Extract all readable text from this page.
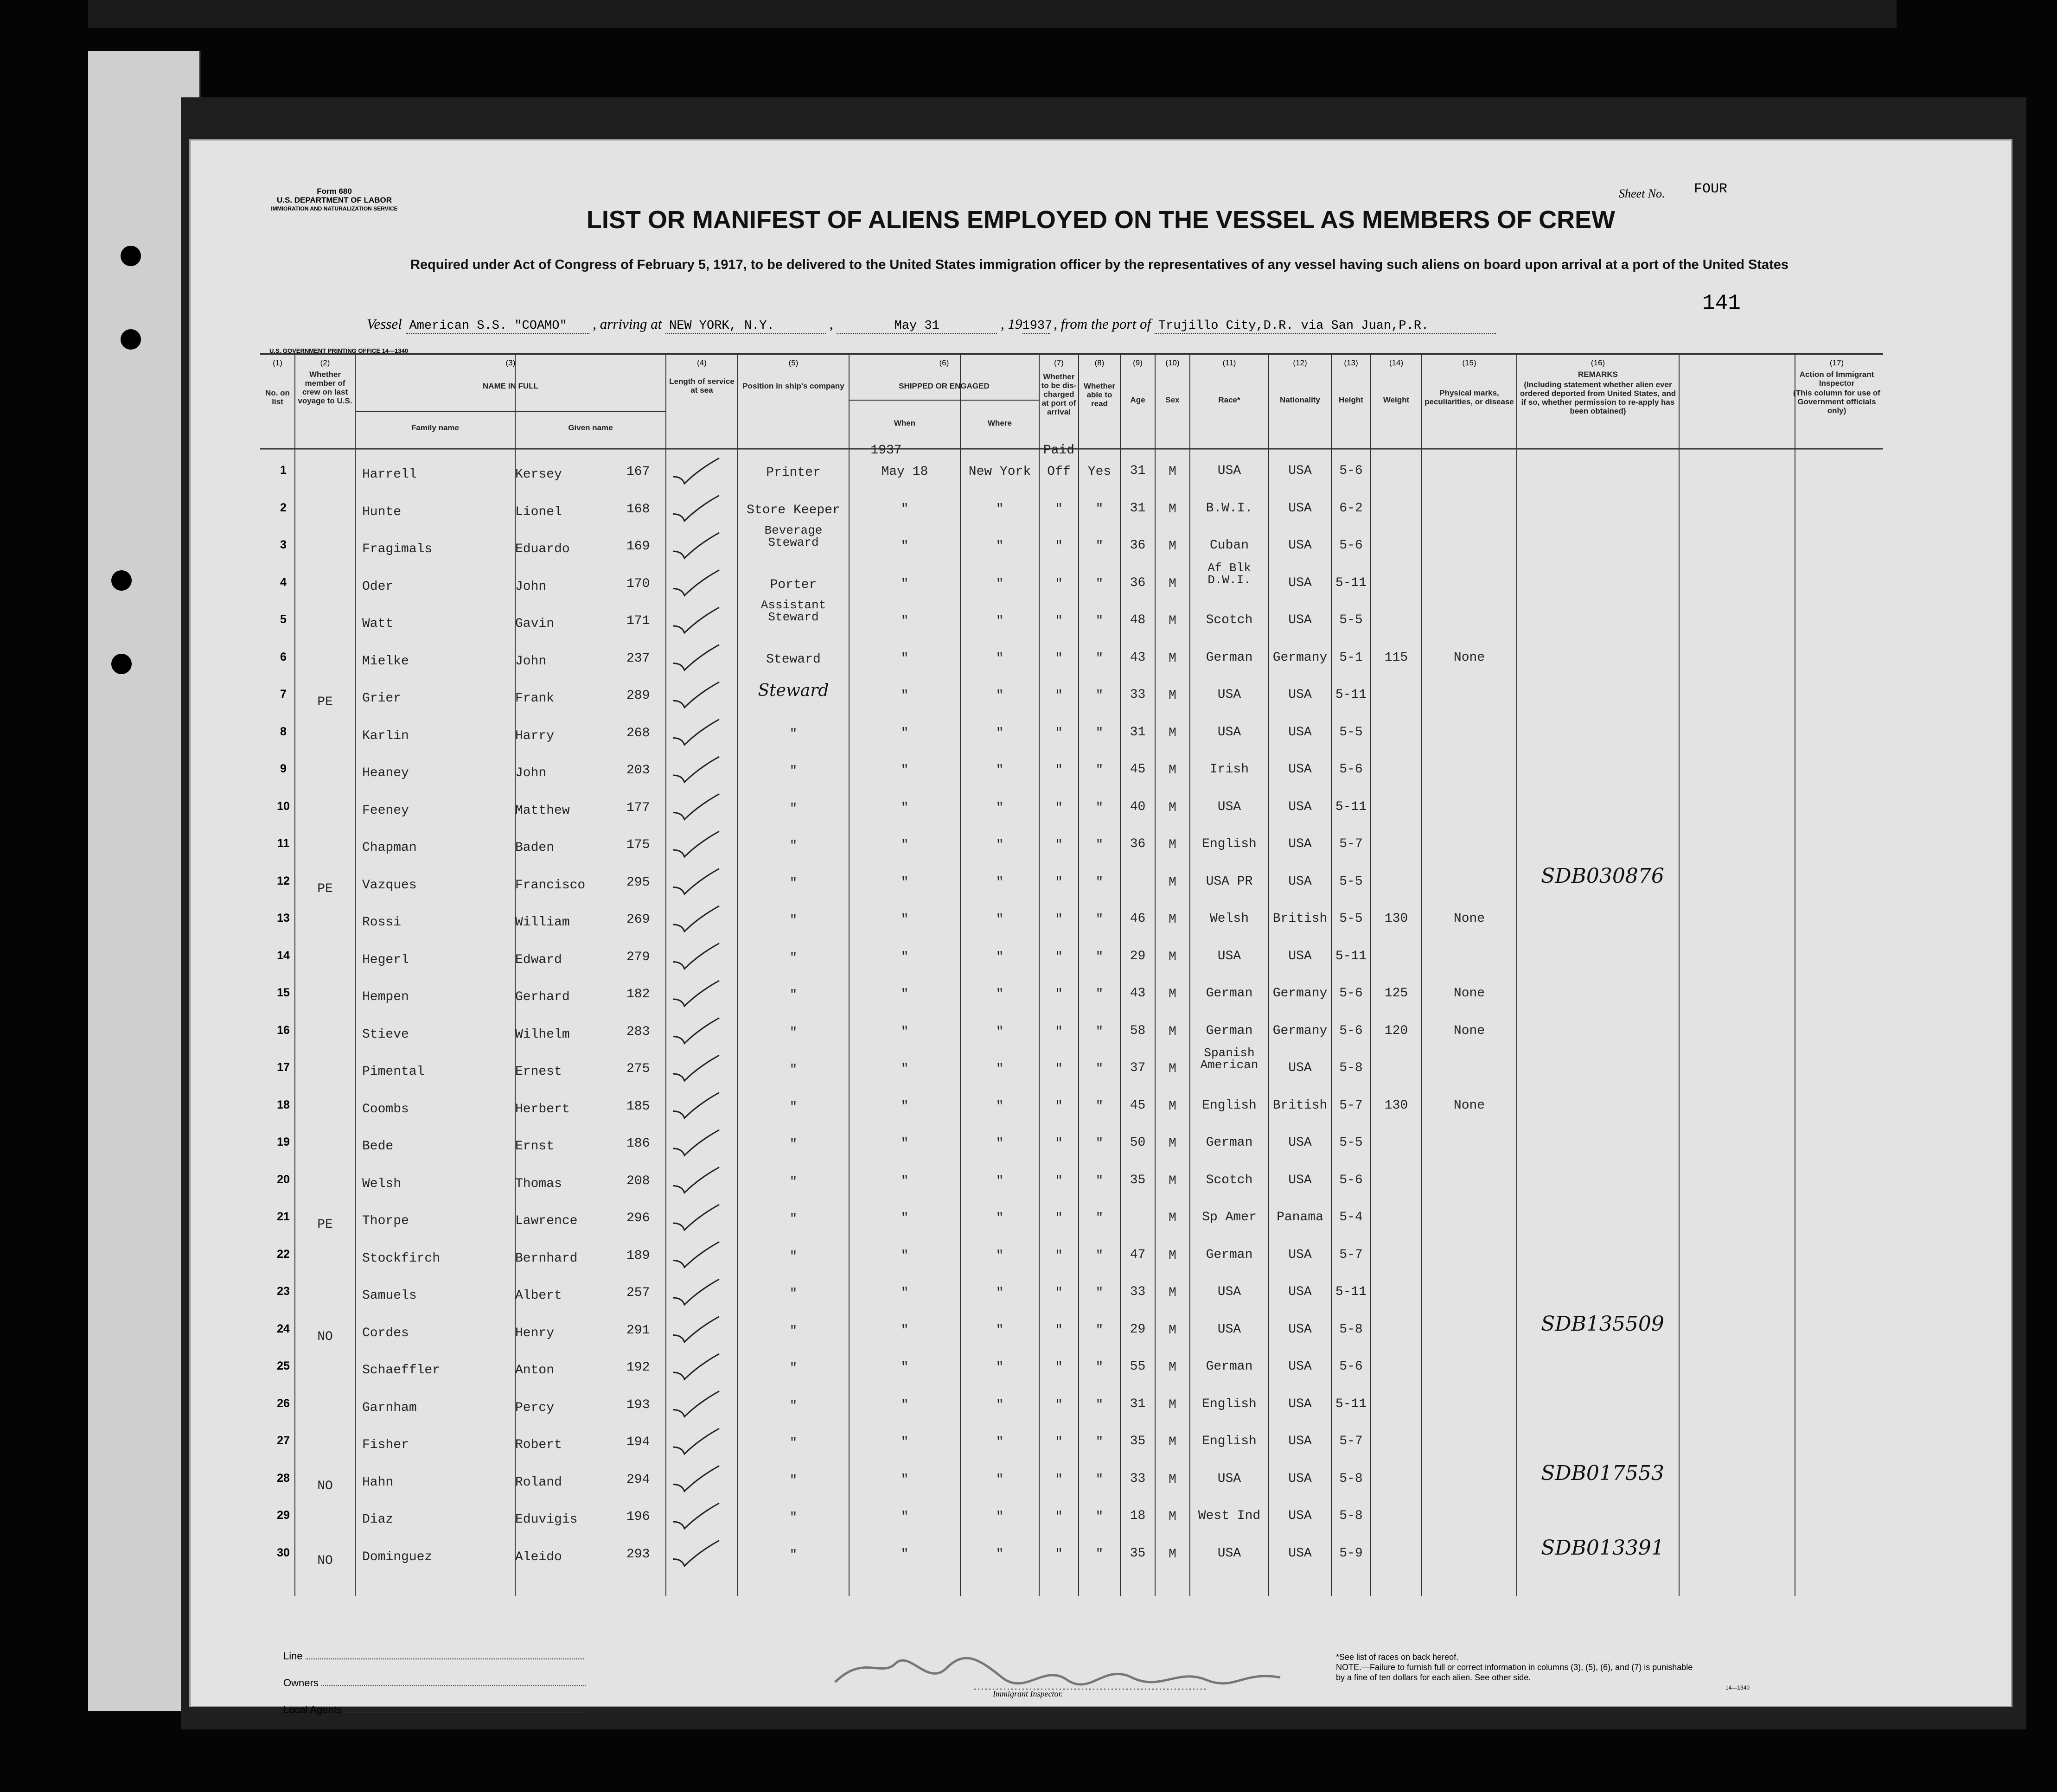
Form 680
U.S. DEPARTMENT OF LABOR
IMMIGRATION AND NATURALIZATION SERVICE	LIST OR MANIFEST OF ALIENS EMPLOYED ON THE VESSEL AS MEMBERS OF CREW
Required under Act of Congress of February 5, 1917, to be delivered to the United States immigration officer by the representatives of any vessel having such aliens on board upon arrival at a port of the United States
Sheet No. FOUR
141
Vessel American S.S. "COAMO" , arriving at NEW YORK, N.Y.	,	May 31	, 191937 , from the port of Trujillo City,D.R. via San Juan,P.R.
U.S. GOVERNMENT PRINTING OFFICE 14—1340
(1)	(2)	(3)	(4)	(5)	(6)	(7)	(8)	(9)	(10)	(11)	(12)	(13)	(14)	(15)	(16)	(17)
No. on list
Whether member of crew on last voyage to U.S.
NAME IN FULL
Family name	Given name
Length of service at sea	Position in ship's company	SHIPPED OR ENGAGED
When	Where
Whether to be dis-charged at port of arrival
Whether able to read	Age	Sex	Race*	Nationality	Height	Weight
Physical marks, peculiarities, or disease
REMARKS
(Including statement whether alien ever ordered deported from United States, and if so, whether permission to re-apply has been obtained)
Action of Immigrant Inspector
(This column for use of Government officials only)
1	Harrell	Kersey	167	Printer	May 18	New York	Off	Yes	31	M	USA	USA	5-6
2	Hunte	Lionel	168	Store Keeper	"	"	"	"	31	M	B.W.I.	USA	6-2
3	Fragimals	Eduardo	169
Beverage
Steward	"	"	"	"	36	M	Cuban	USA	5-6
4	Oder	John	170	Porter	"	"	"	"	36	M
Af Blk
D.W.I.	USA	5-11
5	Watt	Gavin	171
Assistant
Steward	"	"	"	"	48	M	Scotch	USA	5-5
6	Mielke	John	237	Steward	"	"	"	"	43	M	German	Germany 5-1	115	None
7
PE	Grier	Frank	289	Steward	"	"	"	"	33	M	USA	USA	5-11
8	Karlin	Harry	268	"	"	"	"	"	31	M	USA	USA	5-5
9	Heaney	John	203	"	"	"	"	"	45	M	Irish	USA	5-6
10	Feeney	Matthew	177	"	"	"	"	"	40	M	USA	USA	5-11
11	Chapman	Baden	175	"	"	"	"	"	36	M	English	USA	5-7
12
PE	Vazques	Francisco	295	"	"	"	"	"	M	USA PR	USA	5-5	SDB030876
13	Rossi	William	269	"	"	"	"	"	46	M	Welsh	British 5-5	130	None
14	Hegerl	Edward	279	"	"	"	"	"	29	M	USA	USA	5-11
15	Hempen	Gerhard	182	"	"	"	"	"	43	M	German	Germany 5-6	125	None
16	Stieve	Wilhelm	283	"	"	"	"	"	58	M	German	Germany 5-6	120	None
17	Pimental	Ernest	275	"	"	"	"	"	37	M
Spanish
American	USA	5-8
18	Coombs	Herbert	185	"	"	"	"	"	45	M	English	British 5-7	130	None
19	Bede	Ernst	186	"	"	"	"	"	50	M	German	USA	5-5
20	Welsh	Thomas	208	"	"	"	"	"	35	M	Scotch	USA	5-6
21
PE	Thorpe	Lawrence	296	"	"	"	"	"	M	Sp Amer	Panama	5-4
22	Stockfirch	Bernhard	189	"	"	"	"	"	47	M	German	USA	5-7
23	Samuels	Albert	257	"	"	"	"	"	33	M	USA	USA	5-11
24
NO	Cordes	Henry	291	"	"	"	"	"	29	M	USA	USA	5-8	SDB135509
25	Schaeffler	Anton	192	"	"	"	"	"	55	M	German	USA	5-6
26	Garnham	Percy	193	"	"	"	"	"	31	M	English	USA	5-11
27	Fisher	Robert	194	"	"	"	"	"	35	M	English	USA	5-7
28
NO	Hahn	Roland	294	"	"	"	"	"	33	M	USA	USA	5-8	SDB017553
29	Diaz	Eduvigis	196	"	"	"	"	"	18	M	West Ind	USA	5-8
30
NO	Dominguez	Aleido	293	"	"	"	"	"	35	M	USA	USA	5-9	SDB013391
1937	Paid
Line
Owners
Local Agents
Immigrant Inspector.
*See list of races on back hereof.
NOTE.—Failure to furnish full or correct information in columns (3), (5), (6), and (7) is punishable by a fine of ten dollars for each alien. See other side.
14—1340
